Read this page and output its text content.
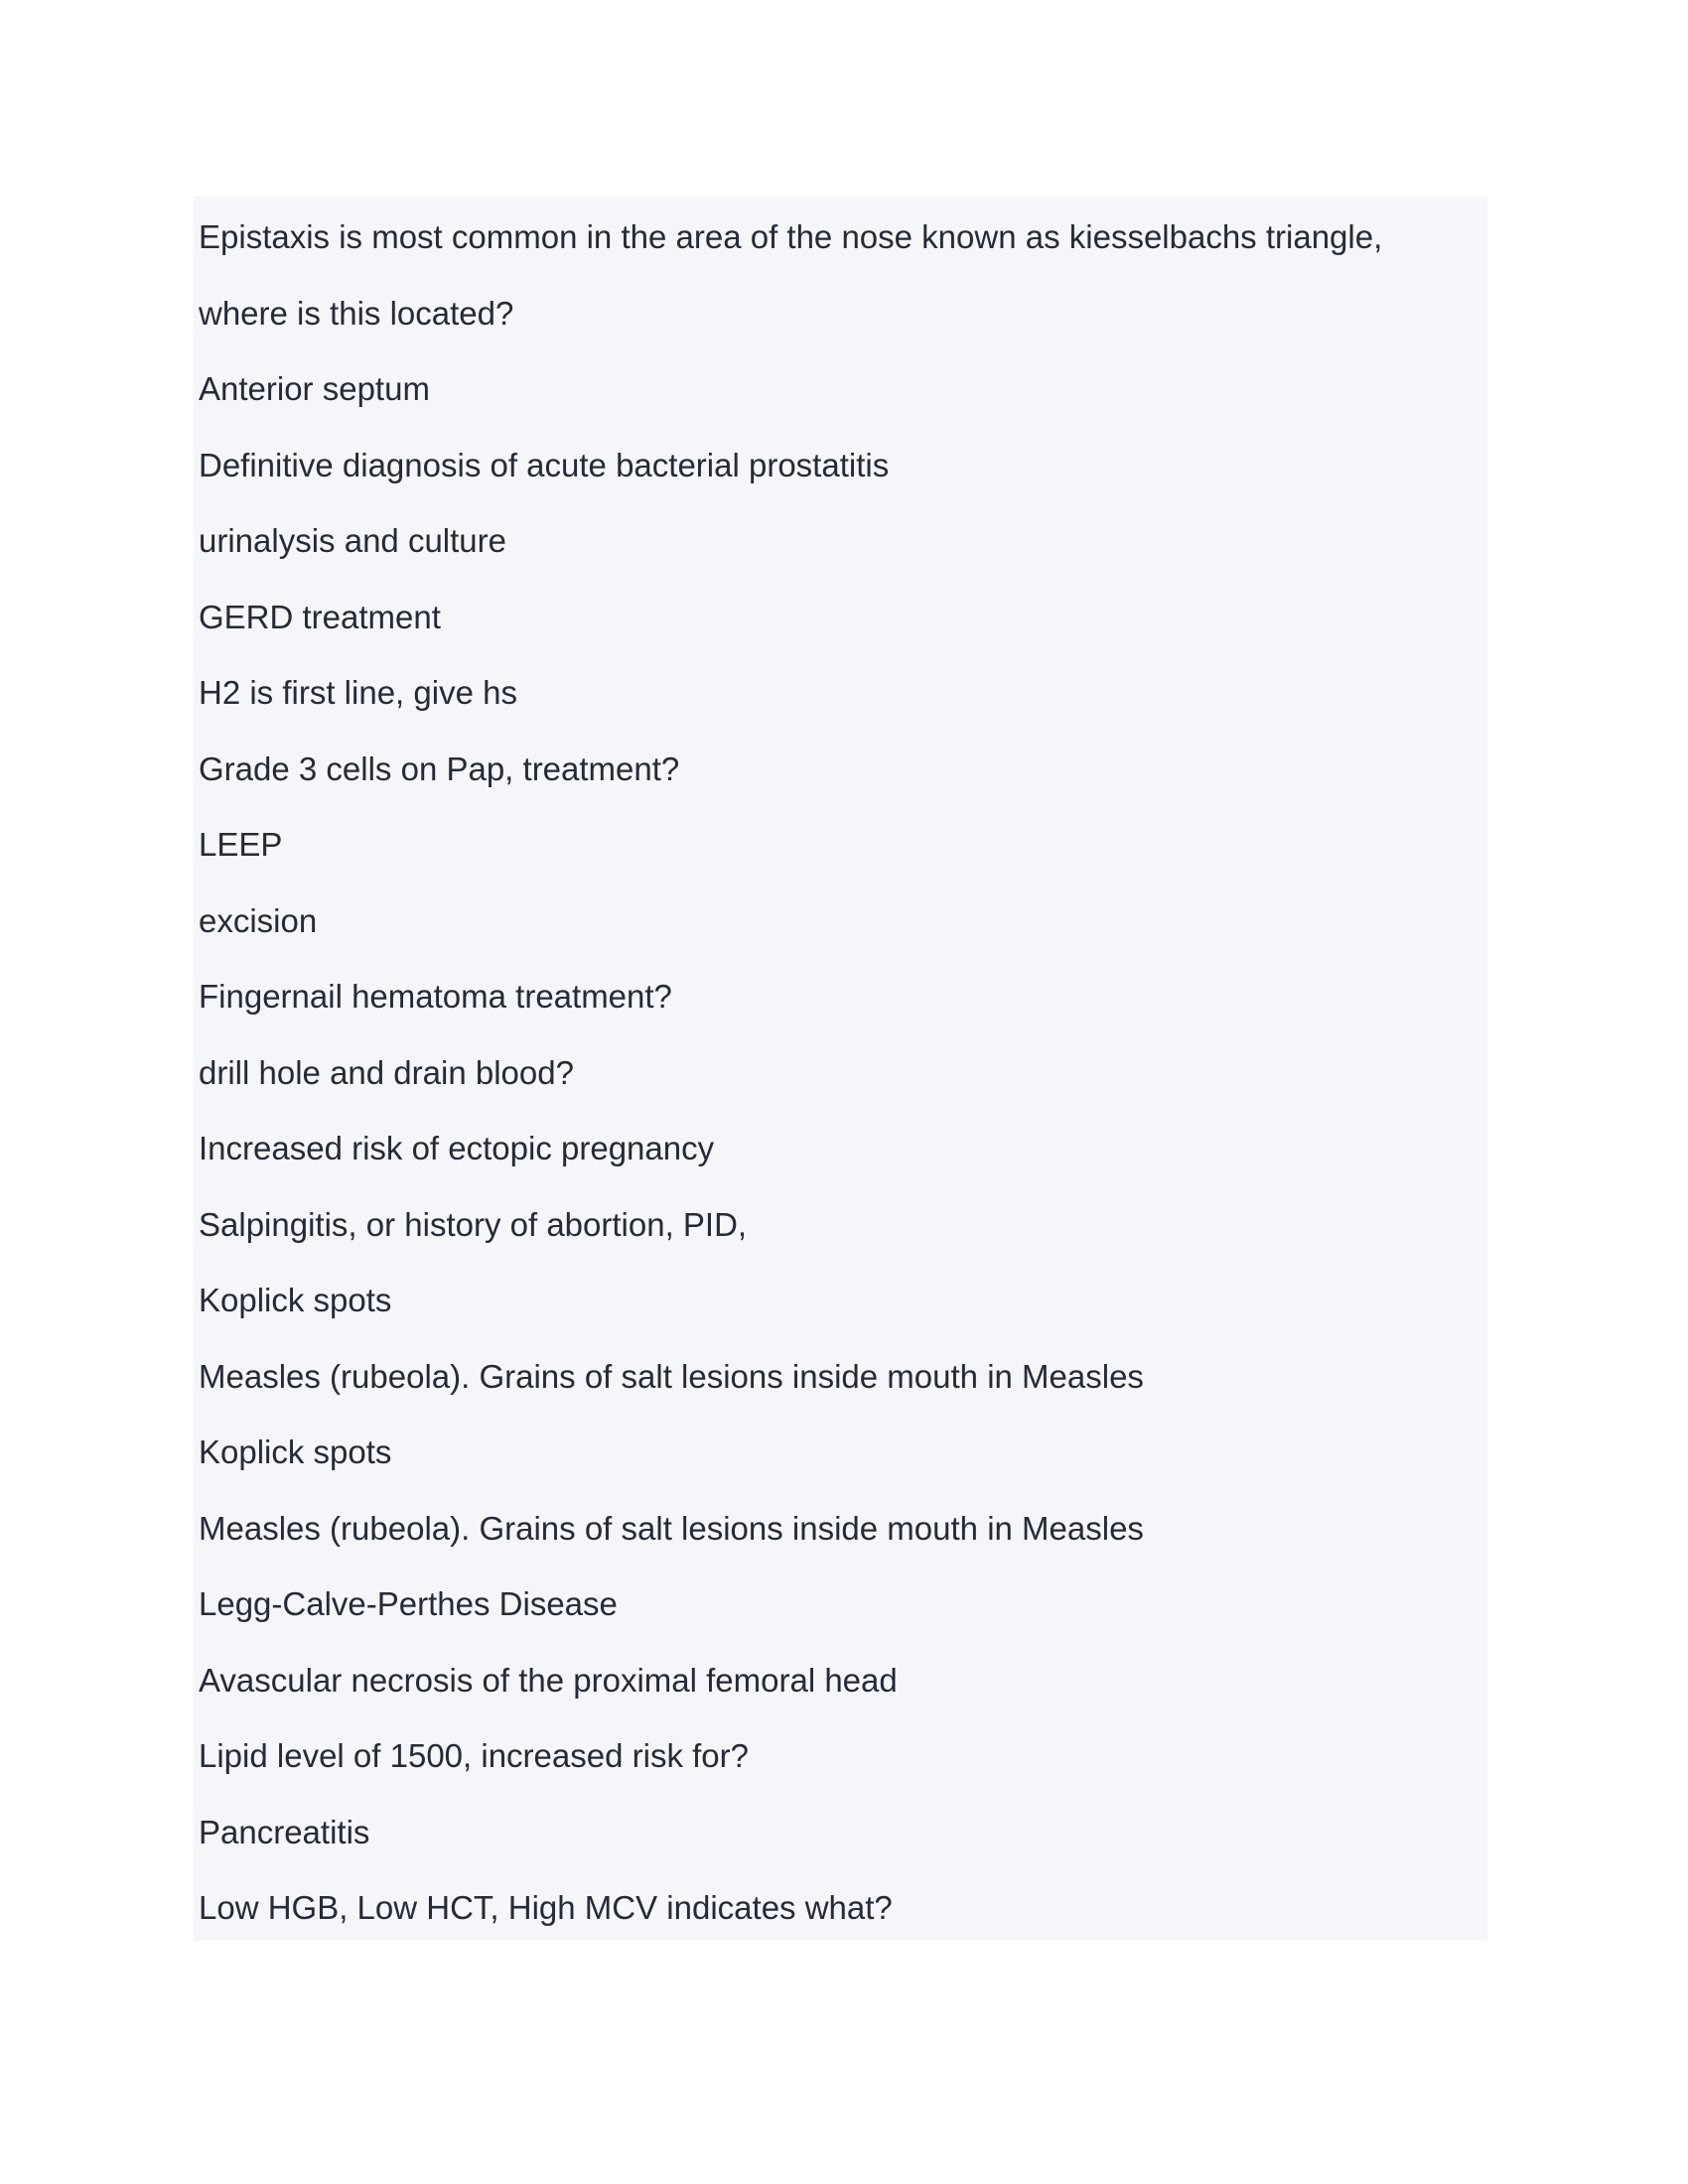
Epistaxis is most common in the area of the nose known as kiesselbachs triangle,
where is this located?
Anterior septum
Definitive diagnosis of acute bacterial prostatitis
urinalysis and culture
GERD treatment
H2 is first line, give hs
Grade 3 cells on Pap, treatment?
LEEP
excision
Fingernail hematoma treatment?
drill hole and drain blood?
Increased risk of ectopic pregnancy
Salpingitis, or history of abortion, PID,
Koplick spots
Measles (rubeola). Grains of salt lesions inside mouth in Measles
Koplick spots
Measles (rubeola). Grains of salt lesions inside mouth in Measles
Legg-Calve-Perthes Disease
Avascular necrosis of the proximal femoral head
Lipid level of 1500, increased risk for?
Pancreatitis
Low HGB, Low HCT, High MCV indicates what?
